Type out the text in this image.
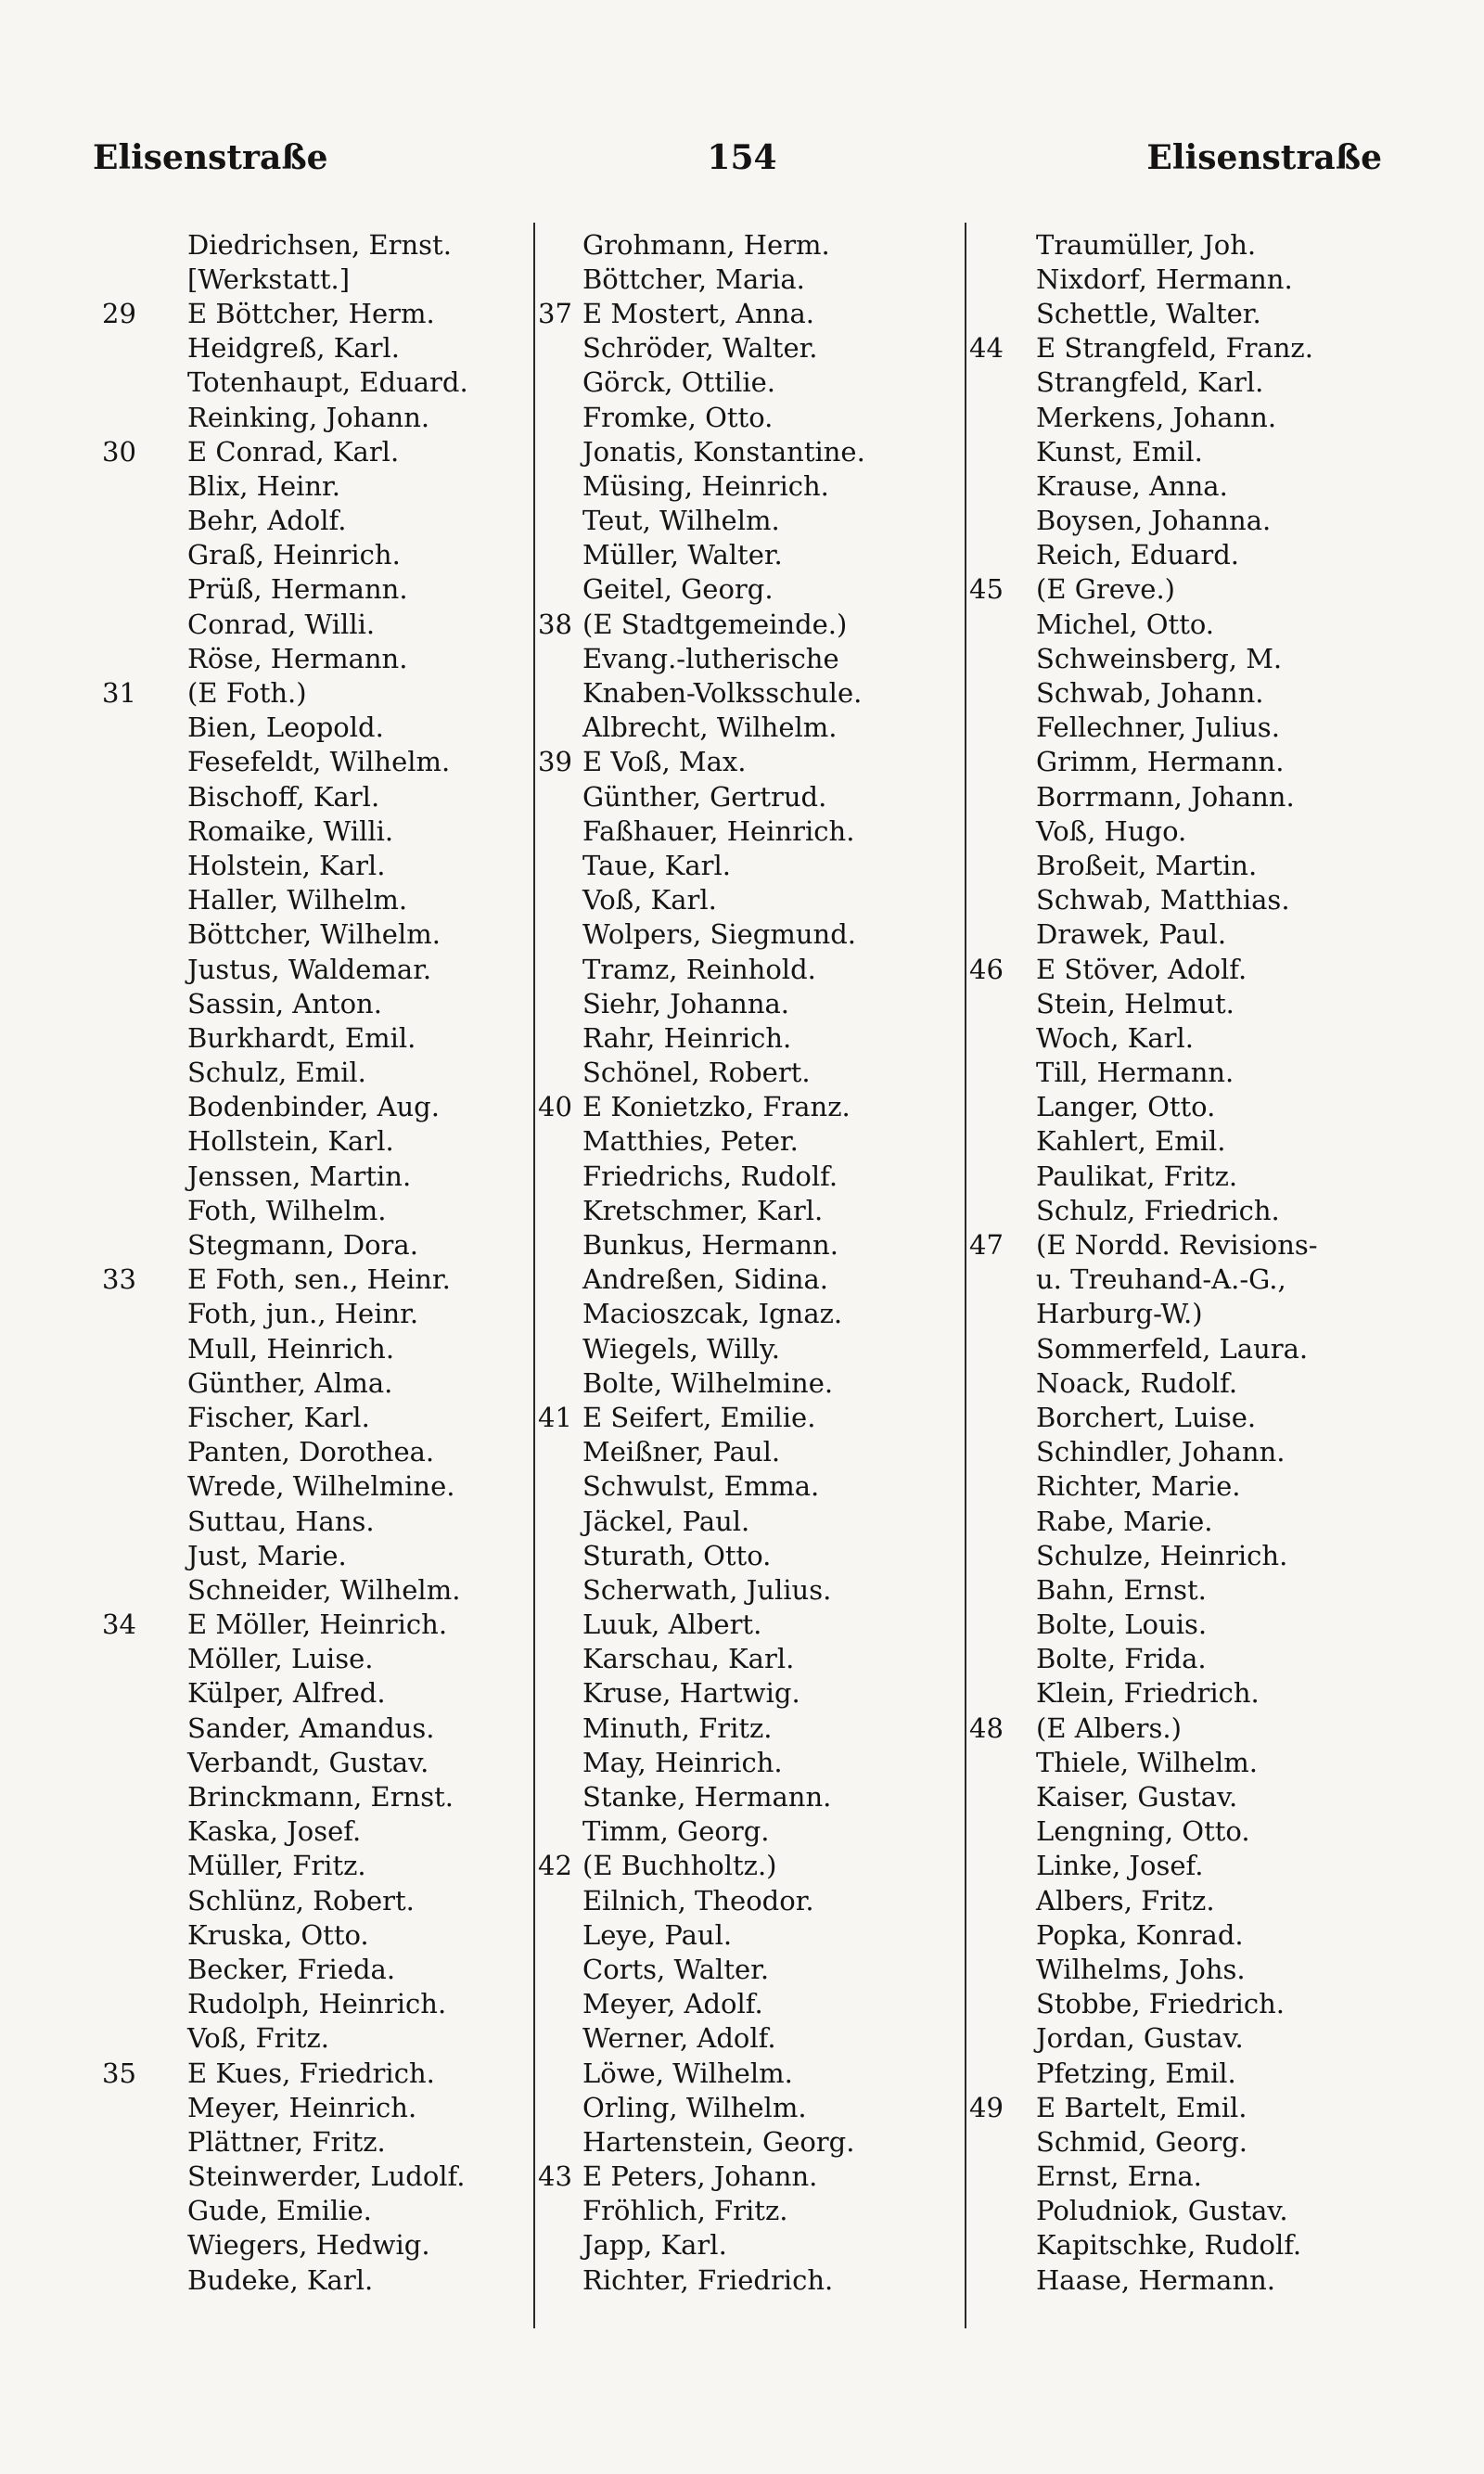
Elisenstraße	154	Elisenstraße
Diedrichsen, Ernst.
[Werkstatt.]
29	E Böttcher, Herm.
Heidgreß, Karl.
Totenhaupt, Eduard.
Reinking, Johann.
30	E Conrad, Karl.
Blix, Heinr.
Behr, Adolf.
Graß, Heinrich.
Prüß, Hermann.
Conrad, Willi.
Röse, Hermann.
31	(E Foth.)
Bien, Leopold.
Fesefeldt, Wilhelm.
Bischoff, Karl.
Romaike, Willi.
Holstein, Karl.
Haller, Wilhelm.
Böttcher, Wilhelm.
Justus, Waldemar.
Sassin, Anton.
Burkhardt, Emil.
Schulz, Emil.
Bodenbinder, Aug.
Hollstein, Karl.
Jenssen, Martin.
Foth, Wilhelm.
Stegmann, Dora.
33	E Foth, sen., Heinr.
Foth, jun., Heinr.
Mull, Heinrich.
Günther, Alma.
Fischer, Karl.
Panten, Dorothea.
Wrede, Wilhelmine.
Suttau, Hans.
Just, Marie.
Schneider, Wilhelm.
34	E Möller, Heinrich.
Möller, Luise.
Külper, Alfred.
Sander, Amandus.
Verbandt, Gustav.
Brinckmann, Ernst.
Kaska, Josef.
Müller, Fritz.
Schlünz, Robert.
Kruska, Otto.
Becker, Frieda.
Rudolph, Heinrich.
Voß, Fritz.
35	E Kues, Friedrich.
Meyer, Heinrich.
Plättner, Fritz.
Steinwerder, Ludolf.
Gude, Emilie.
Wiegers, Hedwig.
Budeke, Karl.
Grohmann, Herm.
Böttcher, Maria.
37 E Mostert, Anna.
Schröder, Walter.
Görck, Ottilie.
Fromke, Otto.
Jonatis, Konstantine.
Müsing, Heinrich.
Teut, Wilhelm.
Müller, Walter.
Geitel, Georg.
38 (E Stadtgemeinde.)
Evang.-lutherische
Knaben-Volksschule.
Albrecht, Wilhelm.
39 E Voß, Max.
Günther, Gertrud.
Faßhauer, Heinrich.
Taue, Karl.
Voß, Karl.
Wolpers, Siegmund.
Tramz, Reinhold.
Siehr, Johanna.
Rahr, Heinrich.
Schönel, Robert.
40 E Konietzko, Franz.
Matthies, Peter.
Friedrichs, Rudolf.
Kretschmer, Karl.
Bunkus, Hermann.
Andreßen, Sidina.
Macioszcak, Ignaz.
Wiegels, Willy.
Bolte, Wilhelmine.
41 E Seifert, Emilie.
Meißner, Paul.
Schwulst, Emma.
Jäckel, Paul.
Sturath, Otto.
Scherwath, Julius.
Luuk, Albert.
Karschau, Karl.
Kruse, Hartwig.
Minuth, Fritz.
May, Heinrich.
Stanke, Hermann.
Timm, Georg.
42 (E Buchholtz.)
Eilnich, Theodor.
Leye, Paul.
Corts, Walter.
Meyer, Adolf.
Werner, Adolf.
Löwe, Wilhelm.
Orling, Wilhelm.
Hartenstein, Georg.
43 E Peters, Johann.
Fröhlich, Fritz.
Japp, Karl.
Richter, Friedrich.
Traumüller, Joh.
Nixdorf, Hermann.
Schettle, Walter.
44	E Strangfeld, Franz.
Strangfeld, Karl.
Merkens, Johann.
Kunst, Emil.
Krause, Anna.
Boysen, Johanna.
Reich, Eduard.
45	(E Greve.)
Michel, Otto.
Schweinsberg, M.
Schwab, Johann.
Fellechner, Julius.
Grimm, Hermann.
Borrmann, Johann.
Voß, Hugo.
Broßeit, Martin.
Schwab, Matthias.
Drawek, Paul.
46	E Stöver, Adolf.
Stein, Helmut.
Woch, Karl.
Till, Hermann.
Langer, Otto.
Kahlert, Emil.
Paulikat, Fritz.
Schulz, Friedrich.
47	(E Nordd. Revisions-
u. Treuhand-A.-G.,
Harburg-W.)
Sommerfeld, Laura.
Noack, Rudolf.
Borchert, Luise.
Schindler, Johann.
Richter, Marie.
Rabe, Marie.
Schulze, Heinrich.
Bahn, Ernst.
Bolte, Louis.
Bolte, Frida.
Klein, Friedrich.
48	(E Albers.)
Thiele, Wilhelm.
Kaiser, Gustav.
Lengning, Otto.
Linke, Josef.
Albers, Fritz.
Popka, Konrad.
Wilhelms, Johs.
Stobbe, Friedrich.
Jordan, Gustav.
Pfetzing, Emil.
49	E Bartelt, Emil.
Schmid, Georg.
Ernst, Erna.
Poludniok, Gustav.
Kapitschke, Rudolf.
Haase, Hermann.
